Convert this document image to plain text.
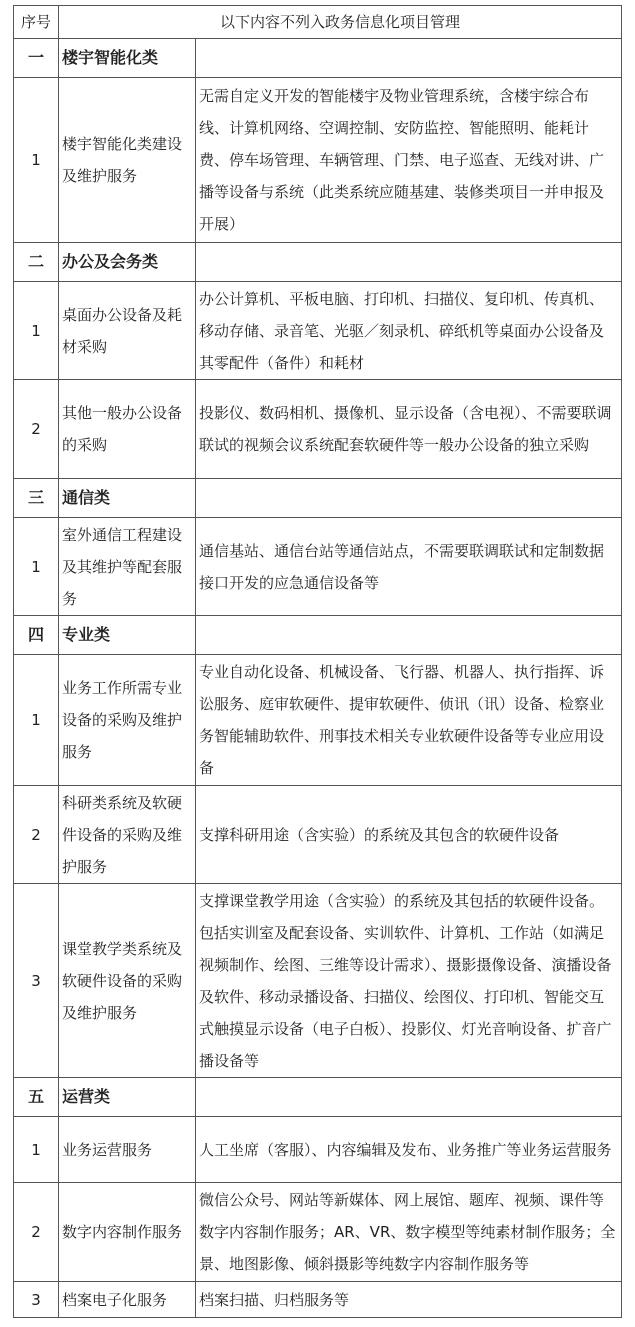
序号	以下内容不列入政务信息化项目管理	
一	楼宇智能化类	
1	楼宇智能化类建设及维护服务	无需自定义开发的智能楼宇及物业管理系统，含楼宇综合布线、计算机网络、空调控制、安防监控、智能照明、能耗计费、停车场管理、车辆管理、门禁、电子巡查、无线对讲、广播等设备与系统（此类系统应随基建、装修类项目一并申报及开展）
二	办公及会务类	
1	桌面办公设备及耗材采购	办公计算机、平板电脑、打印机、扫描仪、复印机、传真机、移动存储、录音笔、光驱／刻录机、碎纸机等桌面办公设备及其零配件（备件）和耗材
2	其他一般办公设备的采购	投影仪、数码相机、摄像机、显示设备（含电视）、不需要联调联试的视频会议系统配套软硬件等一般办公设备的独立采购
三	通信类	
1	室外通信工程建设及其维护等配套服务	通信基站、通信台站等通信站点，不需要联调联试和定制数据接口开发的应急通信设备等
四	专业类	
1	业务工作所需专业设备的采购及维护服务	专业自动化设备、机械设备、飞行器、机器人、执行指挥、诉讼服务、庭审软硬件、提审软硬件、侦讯（讯）设备、检察业务智能辅助软件、刑事技术相关专业软硬件设备等专业应用设备
2	科研类系统及软硬件设备的采购及维护服务	支撑科研用途（含实验）的系统及其包含的软硬件设备
3	课堂教学类系统及软硬件设备的采购及维护服务	支撑课堂教学用途（含实验）的系统及其包括的软硬件设备。包括实训室及配套设备、实训软件、计算机、工作站（如满足视频制作、绘图、三维等设计需求）、摄影摄像设备、演播设备及软件、移动录播设备、扫描仪、绘图仪、打印机、智能交互式触摸显示设备（电子白板）、投影仪、灯光音响设备、扩音广播设备等
五	运营类	
1	业务运营服务	人工坐席（客服）、内容编辑及发布、业务推广等业务运营服务
2	数字内容制作服务	微信公众号、网站等新媒体、网上展馆、题库、视频、课件等数字内容制作服务；AR、VR、数字模型等纯素材制作服务；全景、地图影像、倾斜摄影等纯数字内容制作服务等
3	档案电子化服务	档案扫描、归档服务等
